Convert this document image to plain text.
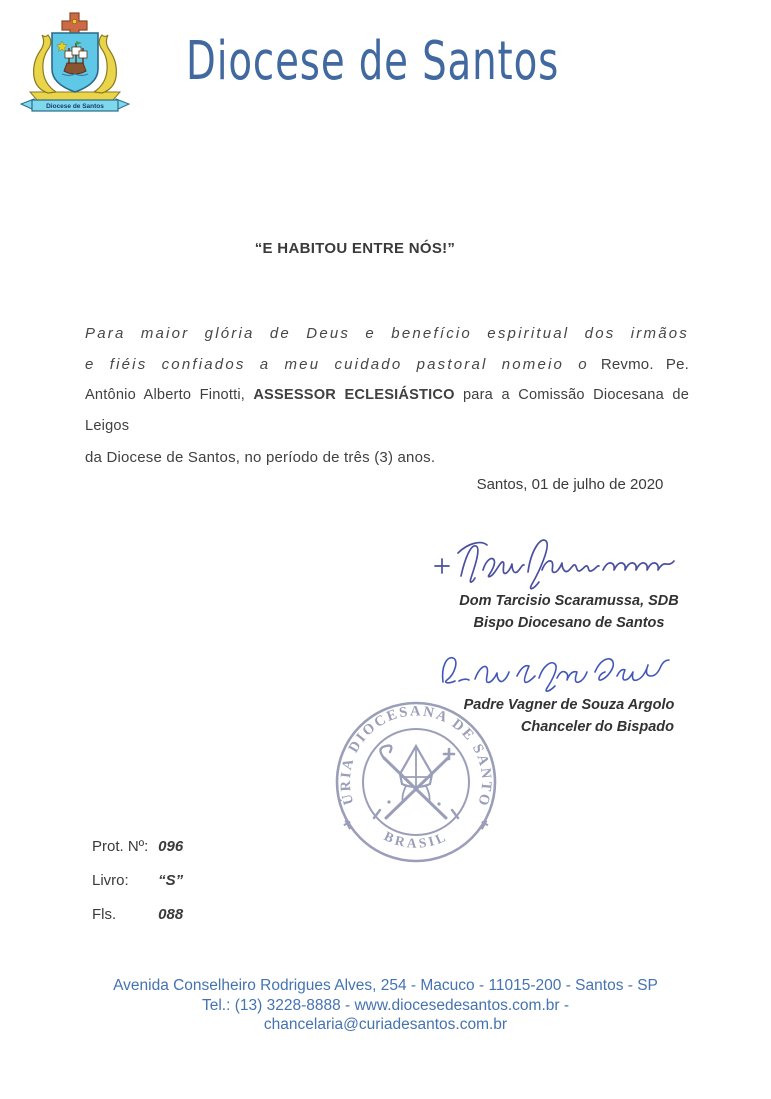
Diocese de Santos
Diocese de Santos
“E HABITOU ENTRE NÓS!”
Para maior glória de Deus e benefício espiritual dos irmãos
e fiéis confiados a meu cuidado pastoral nomeio o Revmo. Pe.
Antônio Alberto Finotti, ASSESSOR ECLESIÁSTICO para a Comissão Diocesana de Leigos
da Diocese de Santos, no período de três (3) anos.
Santos, 01 de julho de 2020
Dom Tarcisio Scaramussa, SDB
Bispo Diocesano de Santos
Padre Vagner de Souza Argolo
Chanceler do Bispado
CÚRIA DIOCESANA DE SANTOS
BRASIL
✝	✝
Prot. Nº: 096
Livro: “S”
Fls.	088
Avenida Conselheiro Rodrigues Alves, 254 - Macuco - 11015-200 - Santos - SP
Tel.: (13) 3228-8888 - www.diocesedesantos.com.br -
chancelaria@curiadesantos.com.br
